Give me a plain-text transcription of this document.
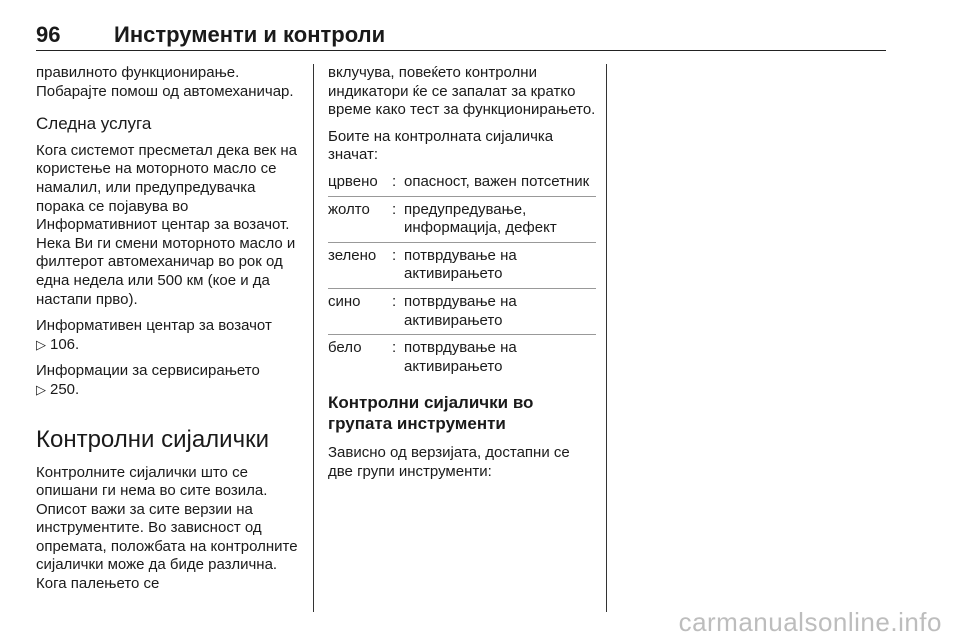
96 Инструменти и контроли

правилното функционирање. Побарајте помош од автомеханичар.

Следна услуга

Кога системот пресметал дека век на користење на моторното масло се намалил, или предупредувачка порака се појавува во Информативниот центар за возачот. Нека Ви ги смени моторното масло и филтерот автомеханичар во рок од една недела или 500 км (кое и да настапи прво).

Информативен центар за возачот
▷ 106.

Информации за сервисирањето
▷ 250.

Контролни сијалички

Контролните сијалички што се опишани ги нема во сите возила. Описот важи за сите верзии на инструментите. Во зависност од опремата, положбата на контролните сијалички може да биде различна. Кога палењето се

вклучува, повеќето контролни индикатори ќе се запалат за кратко време како тест за функционирањето.

Боите на контролната сијаличка значат:

црвено	:	опасност, важен потсетник
жолто	:	предупредување, информација, дефект
зелено	:	потврдување на активирањето
сино	:	потврдување на активирањето
бело	:	потврдување на активирањето
Контролни сијалички во групата инструменти

Зависно од верзијата, достапни се две групи инструменти:

carmanualsonline.info
